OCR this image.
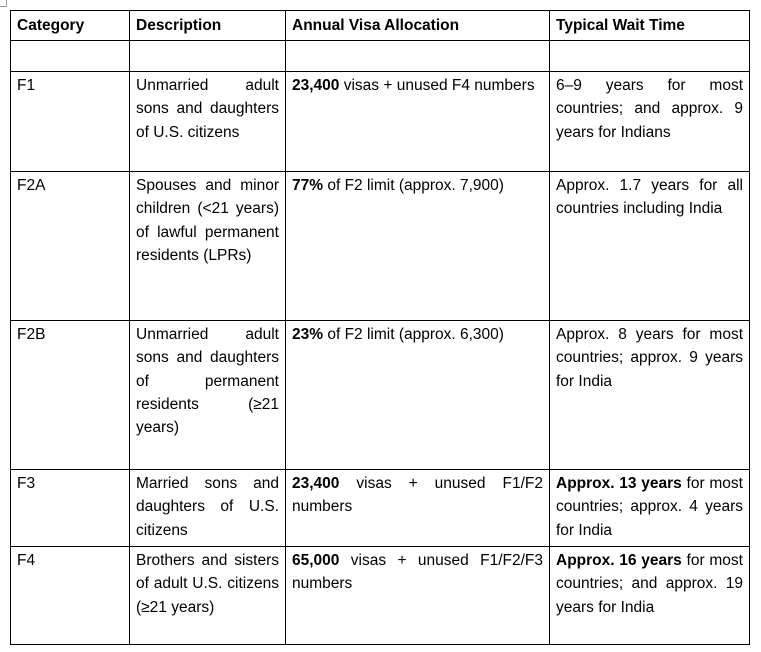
Category	Description	Annual Visa Allocation	Typical Wait Time

F1	Unmarried adult sons and daughters of U.S. citizens	23,400 visas + unused F4 numbers	6–9 years for most countries; and approx. 9 years for Indians
F2A	Spouses and minor children (<21 years) of lawful permanent residents (LPRs)	77% of F2 limit (approx. 7,900)	Approx. 1.7 years for all countries including India
F2B	Unmarried adult sons and daughters of permanent residents (≥21 years)	23% of F2 limit (approx. 6,300)	Approx. 8 years for most countries; approx. 9 years for India
F3	Married sons and daughters of U.S. citizens	23,400 visas + unused F1/F2 numbers	Approx. 13 years for most countries; approx. 4 years for India
F4	Brothers and sisters of adult U.S. citizens (≥21 years)	65,000 visas + unused F1/F2/F3 numbers	Approx. 16 years for most countries; and approx. 19 years for India
